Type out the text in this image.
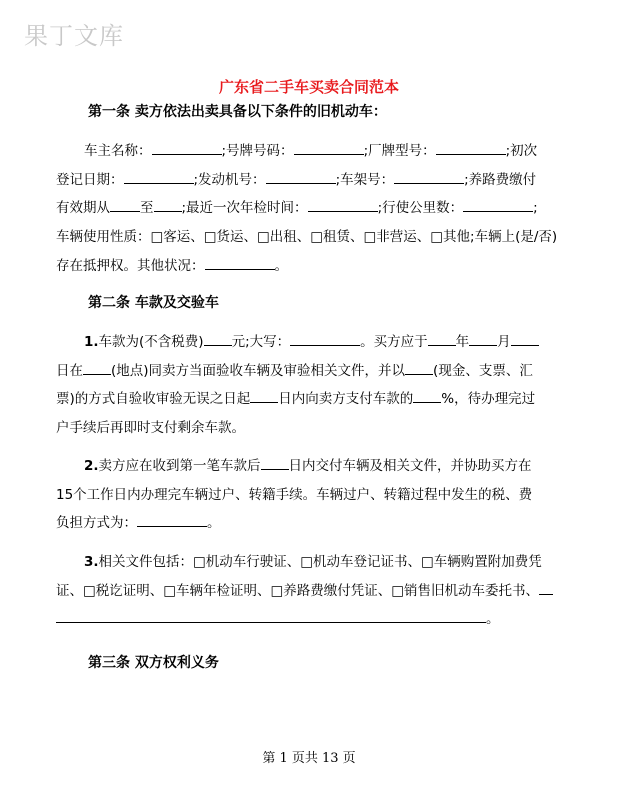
果丁文库
广东省二手车买卖合同范本
第一条 卖方依法出卖具备以下条件的旧机动车：
车主名称：	;号牌号码：	;厂牌型号：	;初次
登记日期：	;发动机号：	;车架号：	;养路费缴付
有效期从 至 ;最近一次年检时间：	;行使公里数：	;
车辆使用性质：□客运、□货运、□出租、□租赁、□非营运、□其他;车辆上(是/否)
存在抵押权。其他状况：	。
第二条 车款及交验车
1.车款为(不含税费) 元;大写：	。买方应于 年 月
日在 (地点)同卖方当面验收车辆及审验相关文件，并以 (现金、支票、汇
票)的方式自验收审验无误之日起 日内向卖方支付车款的 %，待办理完过
户手续后再即时支付剩余车款。
2.卖方应在收到第一笔车款后 日内交付车辆及相关文件，并协助买方在
15个工作日内办理完车辆过户、转籍手续。车辆过户、转籍过程中发生的税、费
负担方式为：	。
3.相关文件包括：□机动车行驶证、□机动车登记证书、□车辆购置附加费凭
证、□税讫证明、□车辆年检证明、□养路费缴付凭证、□销售旧机动车委托书、
。
第三条 双方权利义务
第 1 页共 13 页
